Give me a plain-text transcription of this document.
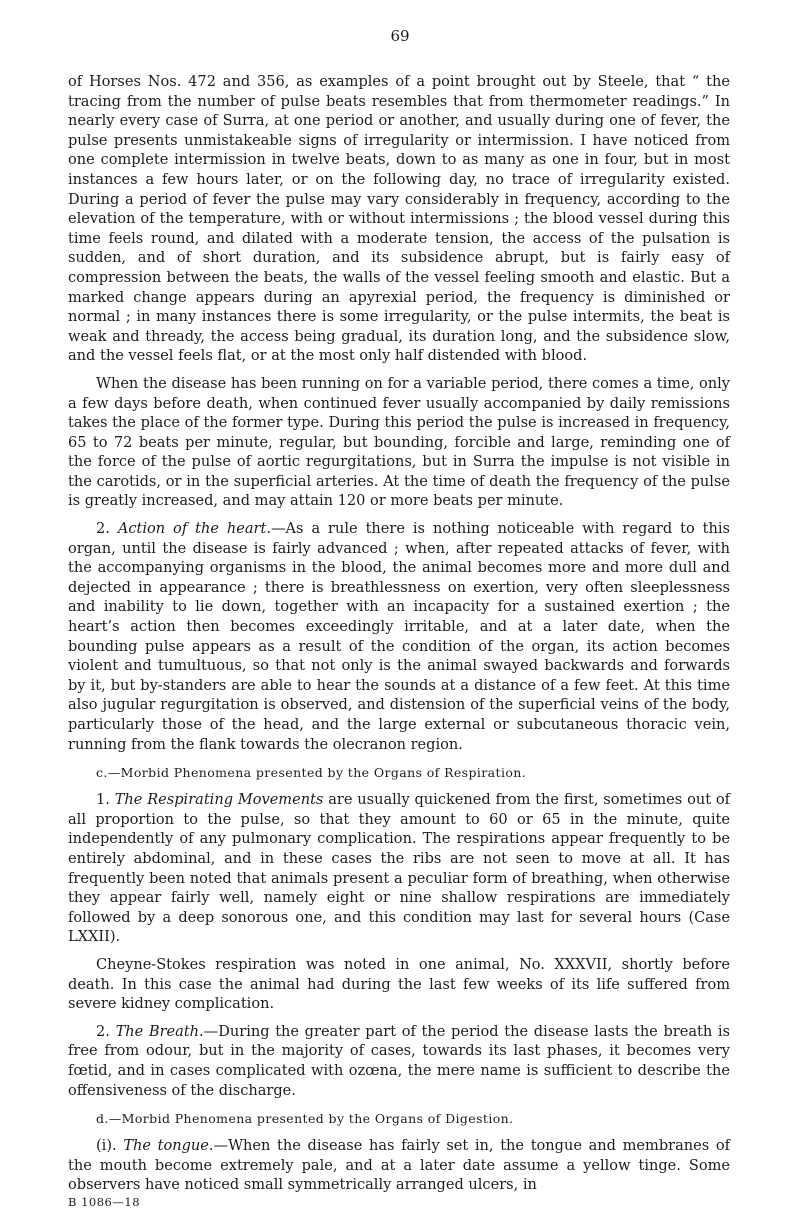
69

of Horses Nos. 472 and 356, as examples of a point brought out by Steele, that “ the tracing from the number of pulse beats resembles that from thermometer readings.” In nearly every case of Surra, at one period or another, and usually during one of fever, the pulse presents unmistakeable signs of irregularity or intermission. I have noticed from one complete intermission in twelve beats, down to as many as one in four, but in most instances a few hours later, or on the following day, no trace of irregularity existed. During a period of fever the pulse may vary considerably in frequency, according to the elevation of the temperature, with or without intermissions ; the blood vessel during this time feels round, and dilated with a moderate tension, the access of the pulsation is sudden, and of short duration, and its subsidence abrupt, but is fairly easy of compression between the beats, the walls of the vessel feeling smooth and elastic. But a marked change appears during an apyrexial period, the frequency is diminished or normal ; in many instances there is some irregularity, or the pulse intermits, the beat is weak and thready, the access being gradual, its duration long, and the subsidence slow, and the vessel feels flat, or at the most only half distended with blood.

When the disease has been running on for a variable period, there comes a time, only a few days before death, when continued fever usually accompanied by daily remissions takes the place of the former type. During this period the pulse is increased in frequency, 65 to 72 beats per minute, regular, but bounding, forcible and large, reminding one of the force of the pulse of aortic regurgitations, but in Surra the impulse is not visible in the carotids, or in the superficial arteries. At the time of death the frequency of the pulse is greatly increased, and may attain 120 or more beats per minute.

2. Action of the heart.—As a rule there is nothing noticeable with regard to this organ, until the disease is fairly advanced ; when, after repeated attacks of fever, with the accompanying organisms in the blood, the animal becomes more and more dull and dejected in appearance ; there is breathlessness on exertion, very often sleeplessness and inability to lie down, together with an incapacity for a sustained exertion ; the heart’s action then becomes exceedingly irritable, and at a later date, when the bounding pulse appears as a result of the condition of the organ, its action becomes violent and tumultuous, so that not only is the animal swayed backwards and forwards by it, but by-standers are able to hear the sounds at a distance of a few feet. At this time also jugular regurgitation is observed, and distension of the superficial veins of the body, particularly those of the head, and the large external or subcutaneous thoracic vein, running from the flank towards the olecranon region.

c.—Morbid Phenomena presented by the Organs of Respiration.

1. The Respirating Movements are usually quickened from the first, sometimes out of all proportion to the pulse, so that they amount to 60 or 65 in the minute, quite independently of any pulmonary complication. The respirations appear frequently to be entirely abdominal, and in these cases the ribs are not seen to move at all. It has frequently been noted that animals present a peculiar form of breathing, when otherwise they appear fairly well, namely eight or nine shallow respirations are immediately followed by a deep sonorous one, and this condition may last for several hours (Case LXXII).

Cheyne-Stokes respiration was noted in one animal, No. XXXVII, shortly before death. In this case the animal had during the last few weeks of its life suffered from severe kidney complication.

2. The Breath.—During the greater part of the period the disease lasts the breath is free from odour, but in the majority of cases, towards its last phases, it becomes very fœtid, and in cases complicated with ozœna, the mere name is sufficient to describe the offensiveness of the discharge.

d.—Morbid Phenomena presented by the Organs of Digestion.

(i). The tongue.—When the disease has fairly set in, the tongue and membranes of the mouth become extremely pale, and at a later date assume a yellow tinge. Some observers have noticed small symmetrically arranged ulcers, in

B 1086—18
